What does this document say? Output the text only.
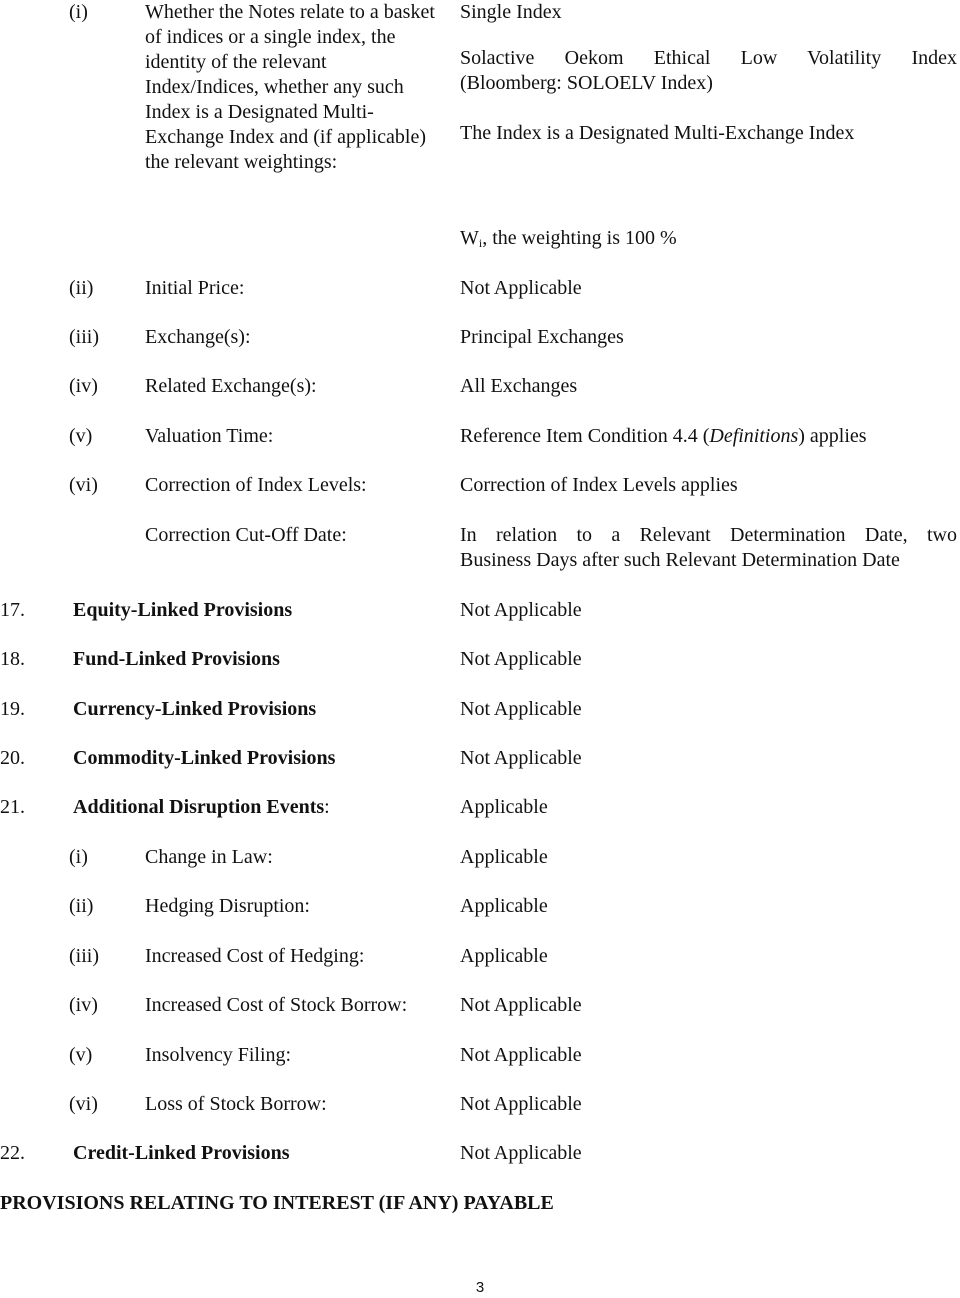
(i)	Whether the Notes relate to a basket of indices or a single index, the identity of the relevant Index/Indices, whether any such Index is a Designated Multi-Exchange Index and (if applicable) the relevant weightings:
Single Index
Solactive Oekom Ethical Low Volatility Index
(Bloomberg: SOLOELV Index)
The Index is a Designated Multi-Exchange Index
$W_i$, the weighting is 100 %
(ii)	Initial Price:	Not Applicable
(iii) Exchange(s):	Principal Exchanges
(iv) Related Exchange(s):	All Exchanges
(v)	Valuation Time:	Reference Item Condition 4.4 (Definitions) applies
(vi) Correction of Index Levels:	Correction of Index Levels applies
Correction Cut-Off Date:	In relation to a Relevant Determination Date, two
Business Days after such Relevant Determination Date
17. Equity-Linked Provisions	Not Applicable
18. Fund-Linked Provisions	Not Applicable
19. Currency-Linked Provisions	Not Applicable
20. Commodity-Linked Provisions	Not Applicable
21. Additional Disruption Events:	Applicable
(i)	Change in Law:	Applicable
(ii)	Hedging Disruption:	Applicable
(iii) Increased Cost of Hedging:	Applicable
(iv) Increased Cost of Stock Borrow:	Not Applicable
(v)	Insolvency Filing:	Not Applicable
(vi) Loss of Stock Borrow:	Not Applicable
22. Credit-Linked Provisions	Not Applicable
PROVISIONS RELATING TO INTEREST (IF ANY) PAYABLE
3
